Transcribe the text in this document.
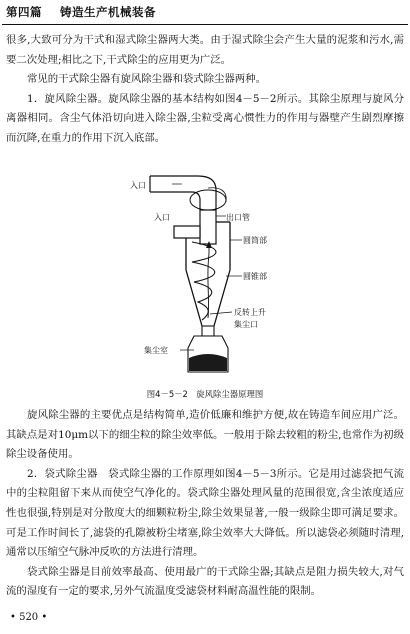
第四篇 铸造生产机械装备

很多,大致可分为干式和湿式除尘器两大类。由于湿式除尘会产生大量的泥浆和污水,需要二次处理;相比之下,干式除尘的应用更为广泛。

常见的干式除尘器有旋风除尘器和袋式除尘器两种。

1．旋风除尘器。旋风除尘器的基本结构如图4－5－2所示。其除尘原理与旋风分离器相同。含尘气体沿切向进入除尘器,尘粒受离心惯性力的作用与器壁产生剧烈摩擦而沉降,在重力的作用下沉入底部。

入口
入口	出口管
圆筒部
圆锥部
反转上升
集尘口
集尘室
图4－5－2　旋风除尘器原理图

旋风除尘器的主要优点是结构简单,造价低廉和维护方便,故在铸造车间应用广泛。其缺点是对10μm以下的细尘粒的除尘效率低。一般用于除去较粗的粉尘,也常作为初级除尘设备使用。

2．袋式除尘器　袋式除尘器的工作原理如图4－5－3所示。它是用过滤袋把气流中的尘粒阻留下来从而使空气净化的。袋式除尘器处理风量的范围很宽,含尘浓度适应性也很强,特别是对分散度大的细颗粒粉尘,除尘效果显著,一般一级除尘即可满足要求。可是工作时间长了,滤袋的孔隙被粉尘堵塞,除尘效率大大降低。所以滤袋必须随时清理,通常以压缩空气脉冲反吹的方法进行清理。

袋式除尘器是目前效率最高、使用最广的干式除尘器;其缺点是阻力损失较大,对气流的湿度有一定的要求,另外气流温度受滤袋材料耐高温性能的限制。

• 520 •
